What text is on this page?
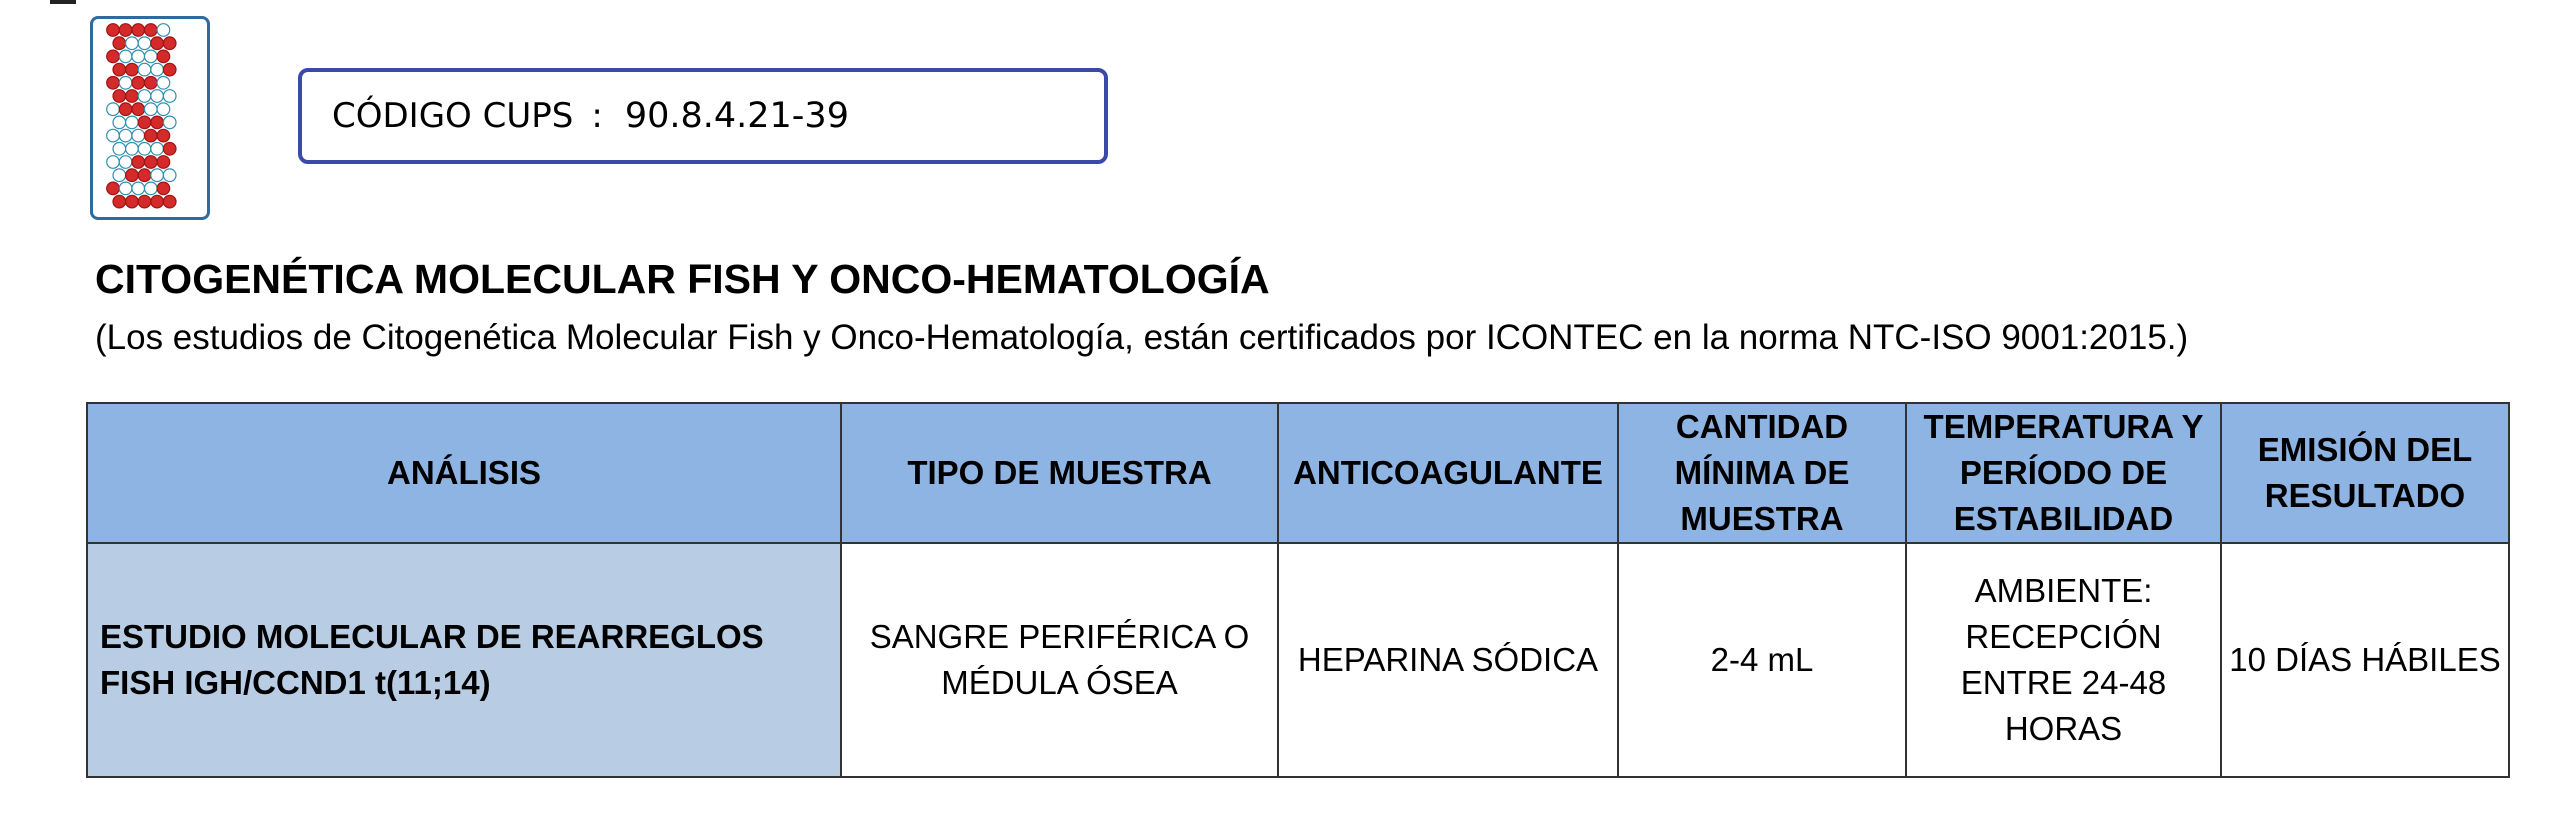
CÓDIGO CUPS : 90.8.4.21-39
CITOGENÉTICA MOLECULAR FISH Y ONCO-HEMATOLOGÍA
(Los estudios de Citogenética Molecular Fish y Onco-Hematología, están certificados por ICONTEC en la norma NTC-ISO 9001:2015.)
ANÁLISIS	TIPO DE MUESTRA	ANTICOAGULANTE	CANTIDAD MÍNIMA DE MUESTRA	TEMPERATURA Y PERÍODO DE ESTABILIDAD	EMISIÓN DEL RESULTADO
ESTUDIO MOLECULAR DE REARREGLOS FISH IGH/CCND1 t(11;14)	SANGRE PERIFÉRICA O MÉDULA ÓSEA	HEPARINA SÓDICA	2-4 mL	AMBIENTE: RECEPCIÓN ENTRE 24-48 HORAS	10 DÍAS HÁBILES
